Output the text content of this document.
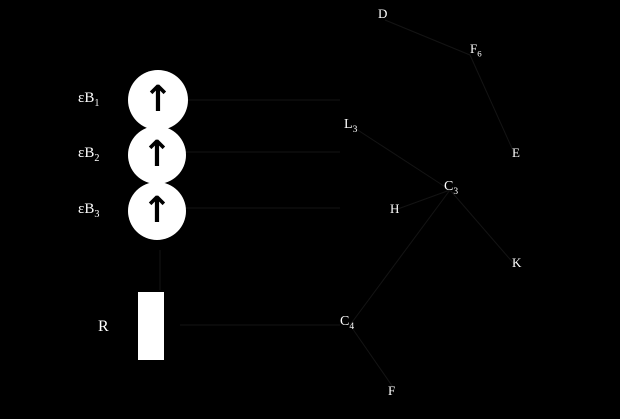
↑
$\varepsilon B_1$
↑
$\varepsilon B_2$
↑
$\varepsilon B_3$
R
D
$F_6$
$L_3$
E
$C_3$
H
K
$C_4$
F
